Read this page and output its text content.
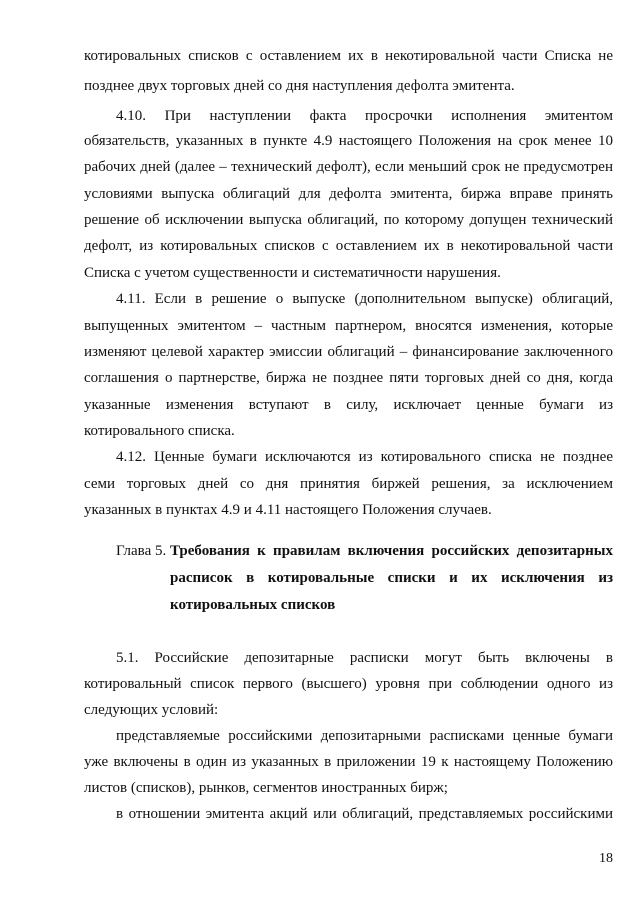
котировальных списков с оставлением их в некотировальной части Списка не
позднее двух торговых дней со дня наступления дефолта эмитента.
4.10. При наступлении факта просрочки исполнения эмитентом
обязательств, указанных в пункте 4.9 настоящего Положения на срок менее 10
рабочих дней (далее – технический дефолт), если меньший срок не предусмотрен
условиями выпуска облигаций для дефолта эмитента, биржа вправе принять
решение об исключении выпуска облигаций, по которому допущен технический
дефолт, из котировальных списков с оставлением их в некотировальной части
Списка с учетом существенности и систематичности нарушения.
4.11. Если в решение о выпуске (дополнительном выпуске) облигаций,
выпущенных эмитентом – частным партнером, вносятся изменения, которые
изменяют целевой характер эмиссии облигаций – финансирование заключенного
соглашения о партнерстве, биржа не позднее пяти торговых дней со дня, когда
указанные изменения вступают в силу, исключает ценные бумаги из
котировального списка.
4.12. Ценные бумаги исключаются из котировального списка не позднее
семи торговых дней со дня принятия биржей решения, за исключением
указанных в пунктах 4.9 и 4.11 настоящего Положения случаев.
Глава 5. Требования к правилам включения российских депозитарных
расписок в котировальные списки и их исключения из
котировальных списков
5.1. Российские депозитарные расписки могут быть включены в
котировальный список первого (высшего) уровня при соблюдении одного из
следующих условий:
представляемые российскими депозитарными расписками ценные бумаги
уже включены в один из указанных в приложении 19 к настоящему Положению
листов (списков), рынков, сегментов иностранных бирж;
в отношении эмитента акций или облигаций, представляемых российскими
18
